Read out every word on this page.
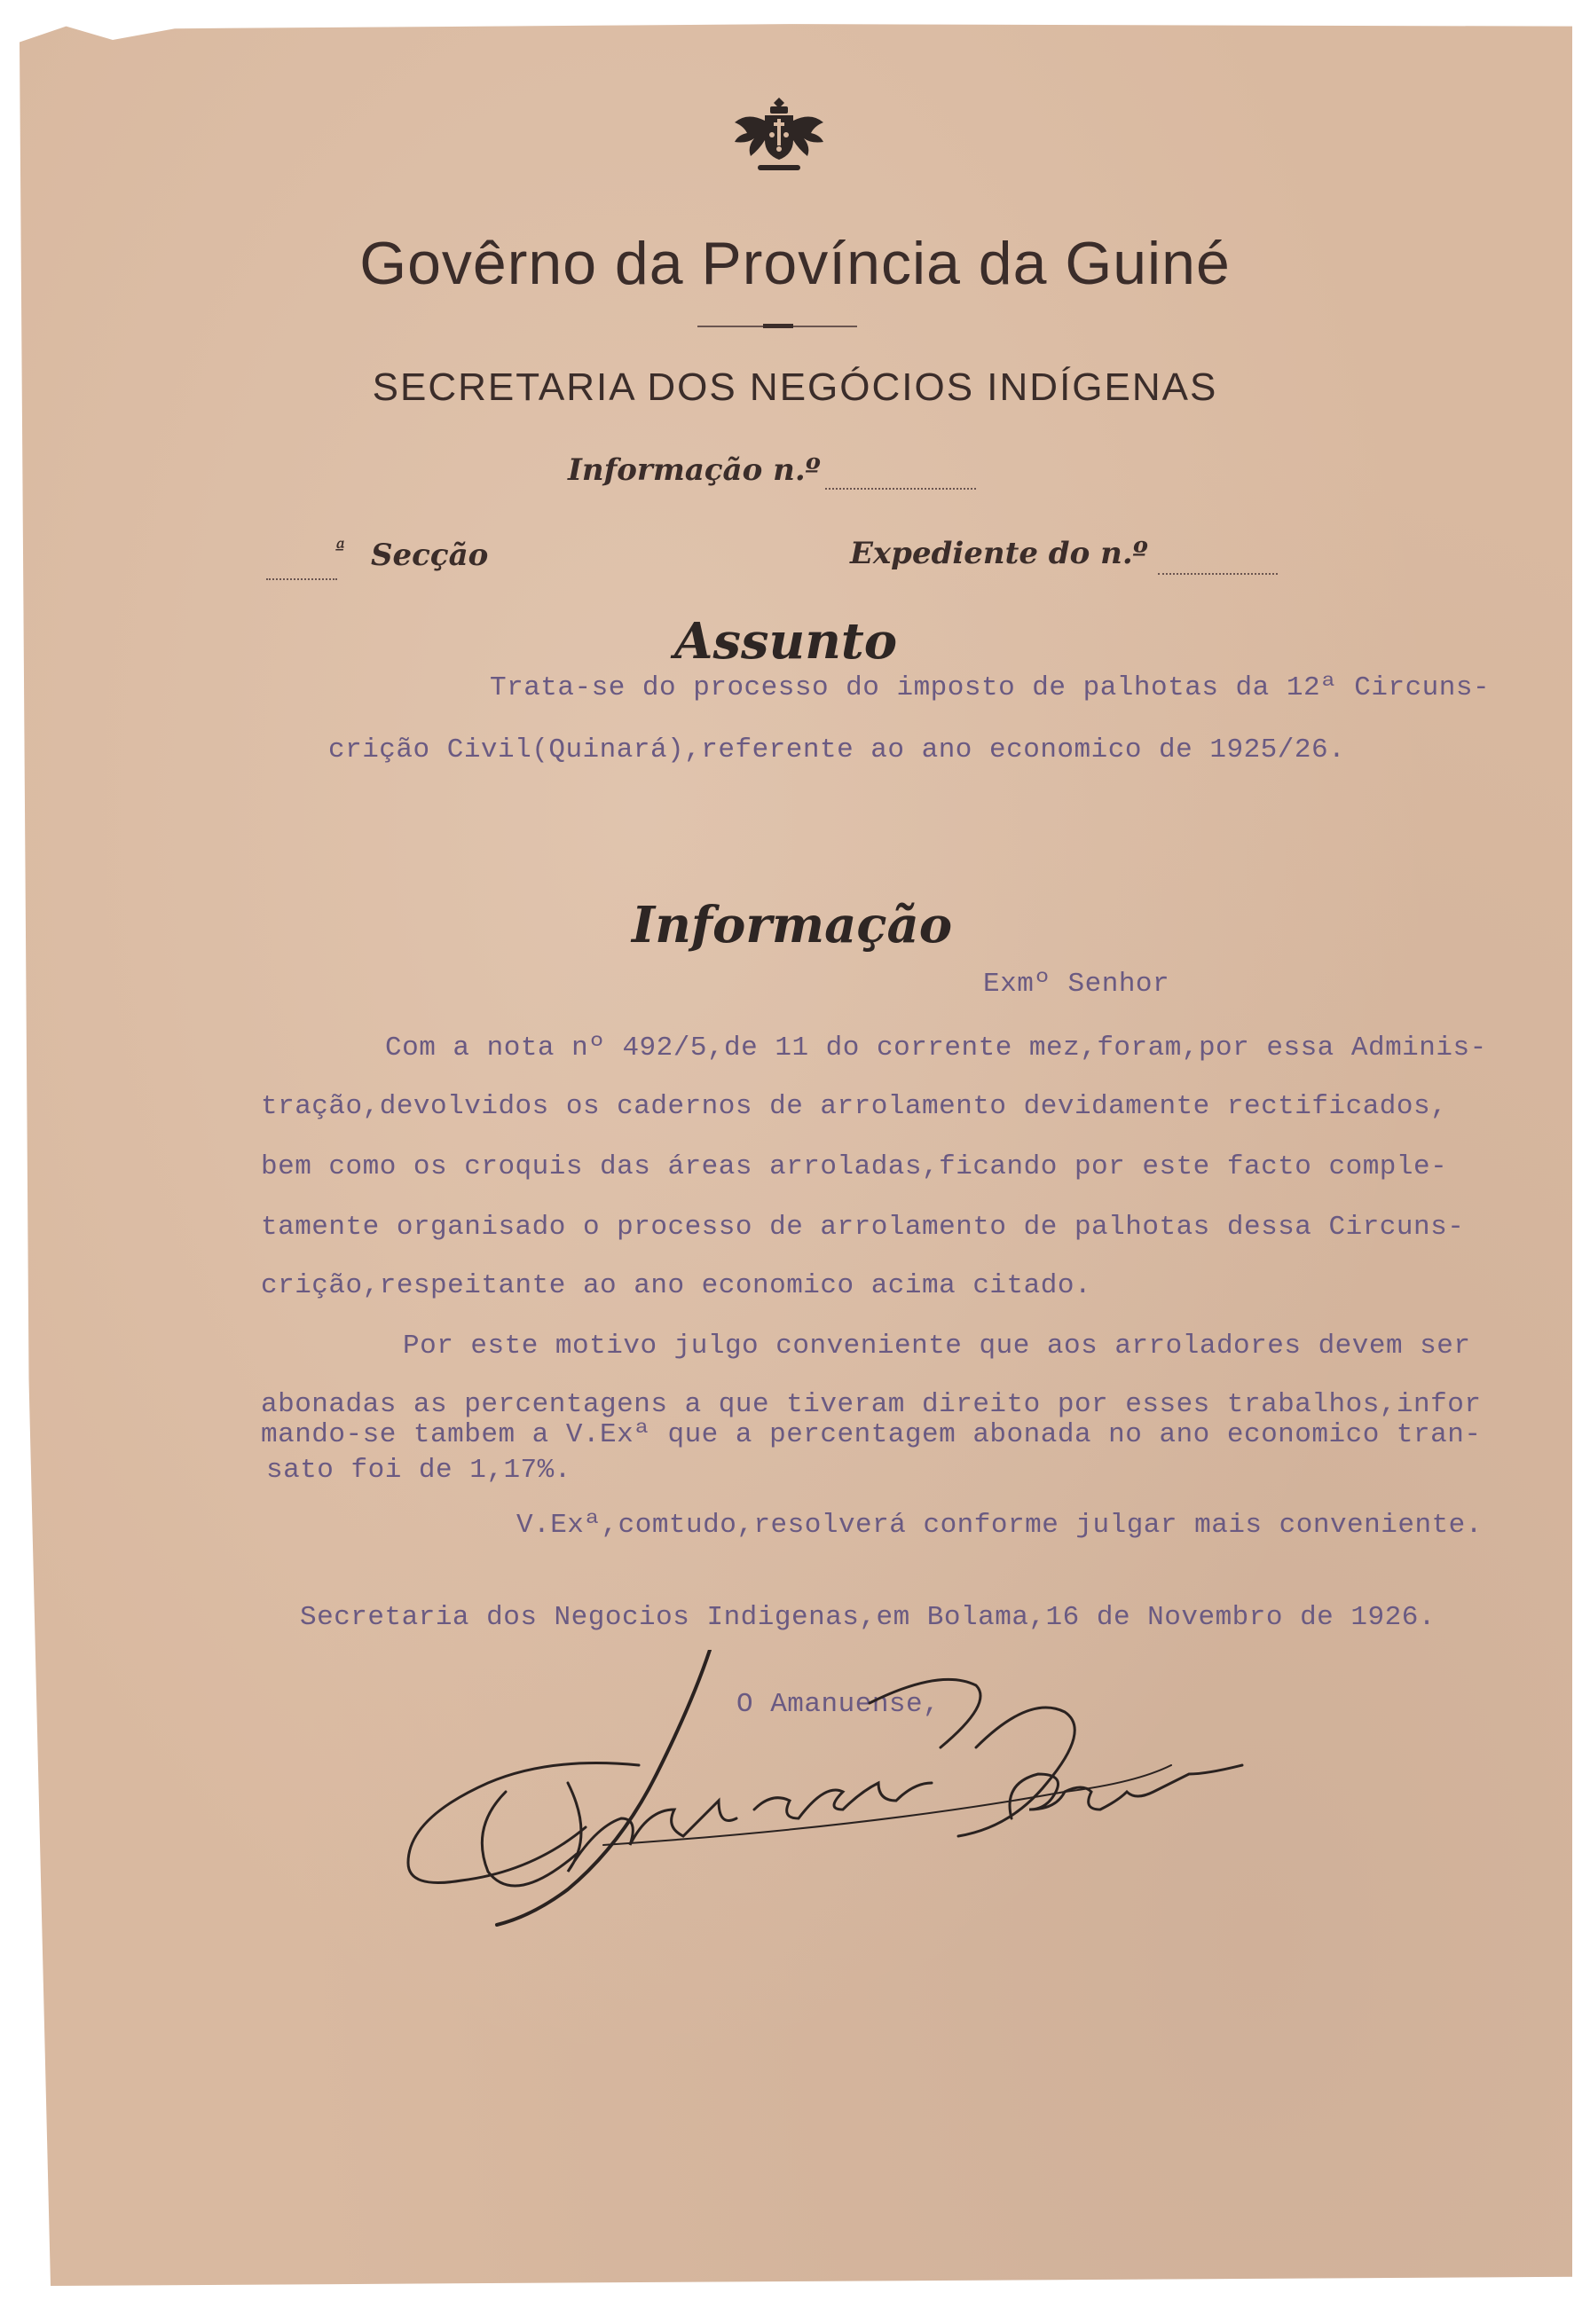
Govêrno da Província da Guiné
SECRETARIA DOS NEGÓCIOS INDÍGENAS
Informação n.º
ª Secção	Expediente do n.º
Assunto
Trata-se do processo do imposto de palhotas da 12ª Circuns-
crição Civil(Quinará),referente ao ano economico de 1925/26.
Informação
Exmº Senhor
Com a nota nº 492/5,de 11 do corrente mez,foram,por essa Adminis-
tração,devolvidos os cadernos de arrolamento devidamente rectificados,
bem como os croquis das áreas arroladas,ficando por este facto comple-
tamente organisado o processo de arrolamento de palhotas dessa Circuns-
crição,respeitante ao ano economico acima citado.
Por este motivo julgo conveniente que aos arroladores devem ser
abonadas as percentagens a que tiveram direito por esses trabalhos,infor
mando-se tambem a V.Exª que a percentagem abonada no ano economico tran-
sato foi de 1,17%.
V.Exª,comtudo,resolverá conforme julgar mais conveniente.
Secretaria dos Negocios Indigenas,em Bolama,16 de Novembro de 1926.
O Amanuense,
